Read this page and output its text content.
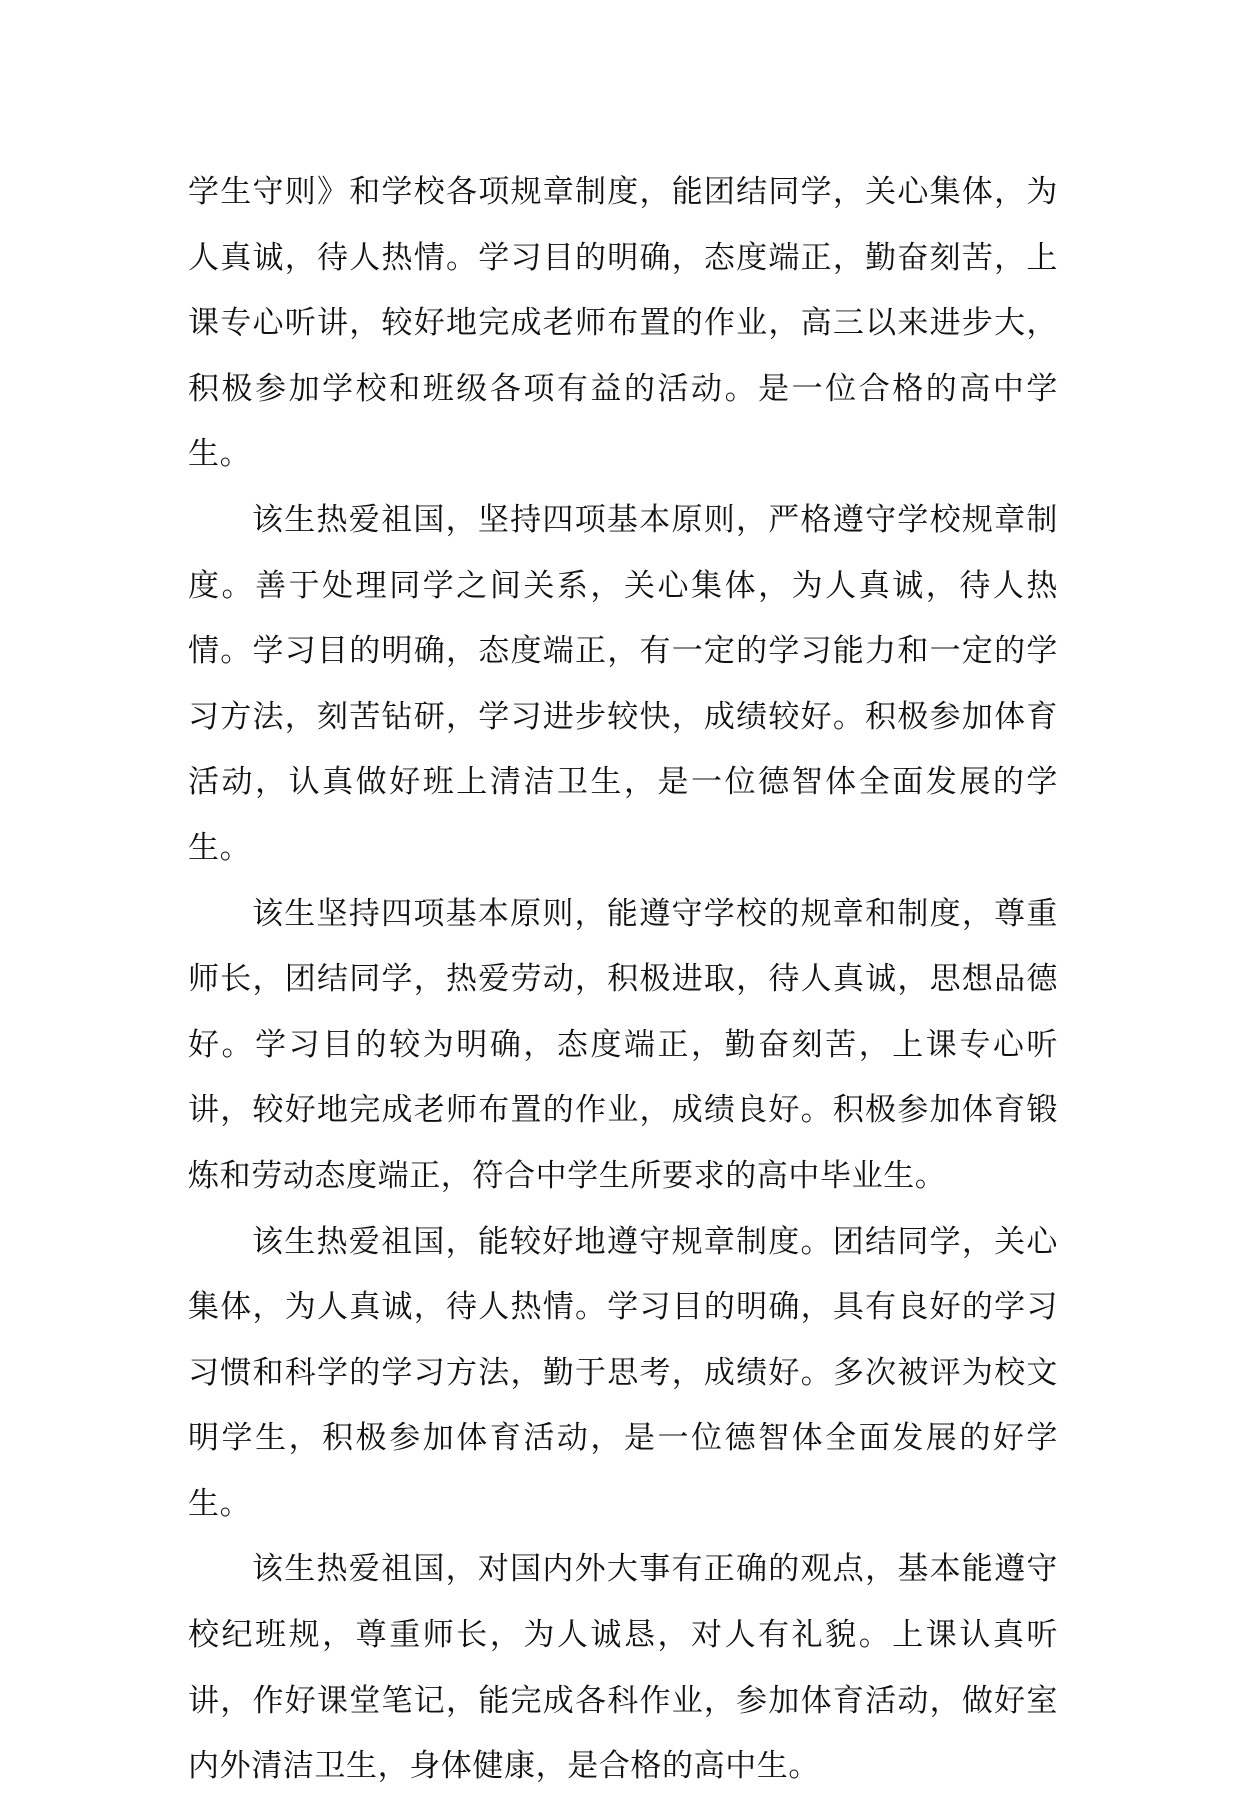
学生守则》和学校各项规章制度，能团结同学，关心集体，为人真诚，待人热情。学习目的明确，态度端正，勤奋刻苦，上课专心听讲，较好地完成老师布置的作业，高三以来进步大，积极参加学校和班级各项有益的活动。是一位合格的高中学生。

该生热爱祖国，坚持四项基本原则，严格遵守学校规章制度。善于处理同学之间关系，关心集体，为人真诚，待人热情。学习目的明确，态度端正，有一定的学习能力和一定的学习方法，刻苦钻研，学习进步较快，成绩较好。积极参加体育活动，认真做好班上清洁卫生，是一位德智体全面发展的学生。

该生坚持四项基本原则，能遵守学校的规章和制度，尊重师长，团结同学，热爱劳动，积极进取，待人真诚，思想品德好。学习目的较为明确，态度端正，勤奋刻苦，上课专心听讲，较好地完成老师布置的作业，成绩良好。积极参加体育锻炼和劳动态度端正，符合中学生所要求的高中毕业生。

该生热爱祖国，能较好地遵守规章制度。团结同学，关心集体，为人真诚，待人热情。学习目的明确，具有良好的学习习惯和科学的学习方法，勤于思考，成绩好。多次被评为校文明学生，积极参加体育活动，是一位德智体全面发展的好学生。

该生热爱祖国，对国内外大事有正确的观点，基本能遵守校纪班规，尊重师长，为人诚恳，对人有礼貌。上课认真听讲，作好课堂笔记，能完成各科作业，参加体育活动，做好室内外清洁卫生，身体健康，是合格的高中生。
